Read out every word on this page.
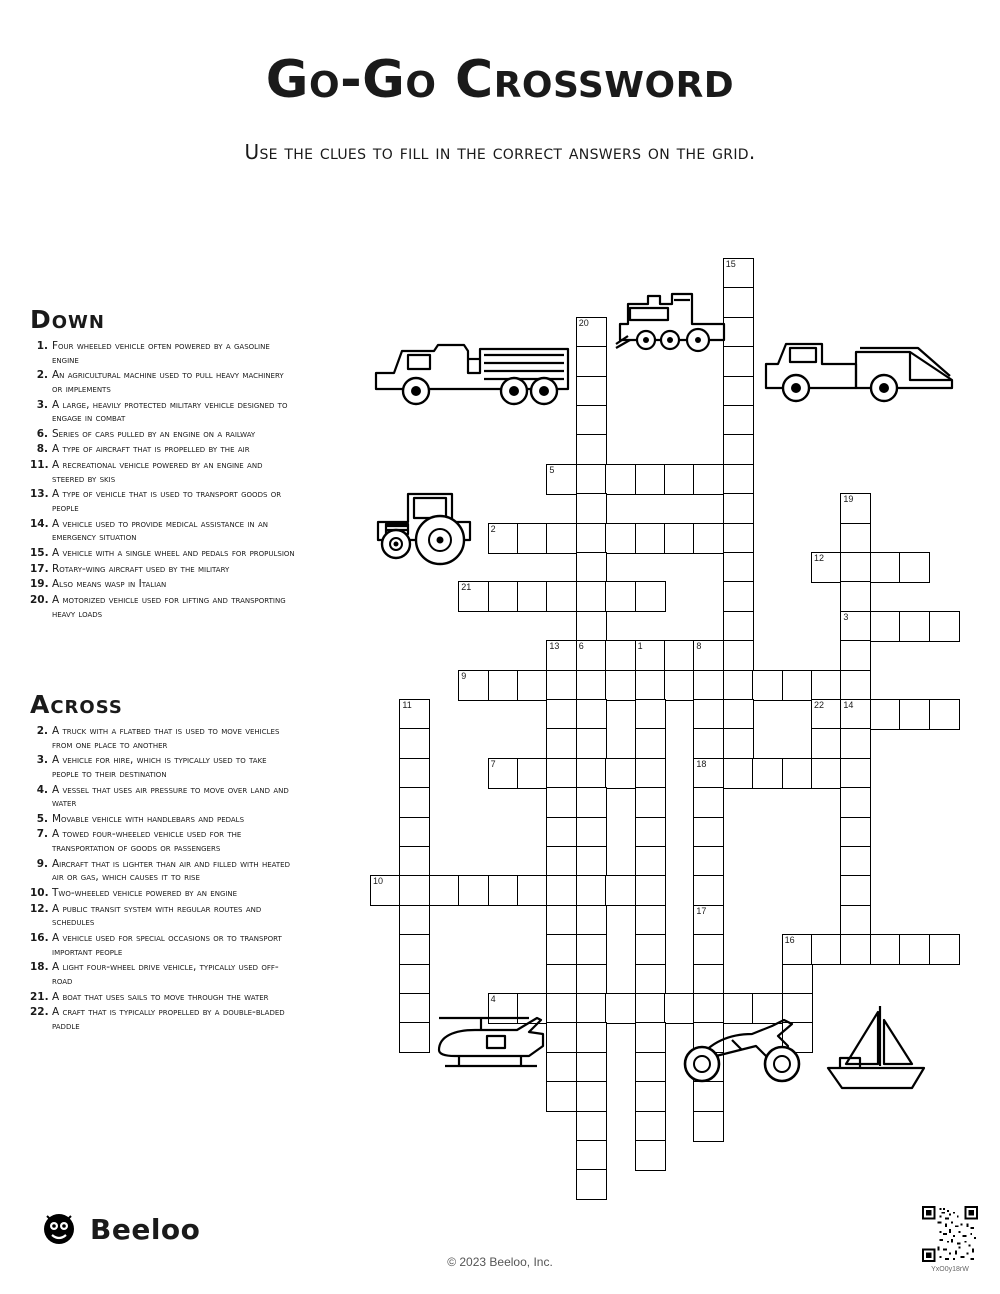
Go-Go Crossword
Use the clues to fill in the correct answers on the grid.
Down
1. Four wheeled vehicle often powered by a gasoline engine
2. An agricultural machine used to pull heavy machinery or implements
3. A large, heavily protected military vehicle designed to engage in combat
6. Series of cars pulled by an engine on a railway
8. A type of aircraft that is propelled by the air
11. A recreational vehicle powered by an engine and steered by skis
13. A type of vehicle that is used to transport goods or people
14. A vehicle used to provide medical assistance in an emergency situation
15. A vehicle with a single wheel and pedals for propulsion
17. Rotary-wing aircraft used by the military
19. Also means wasp in Italian
20. A motorized vehicle used for lifting and transporting heavy loads
Across
2. A truck with a flatbed that is used to move vehicles from one place to another
3. A vehicle for hire, which is typically used to take people to their destination
4. A vessel that uses air pressure to move over land and water
5. Movable vehicle with handlebars and pedals
7. A towed four-wheeled vehicle used for the transportation of goods or passengers
9. Aircraft that is lighter than air and filled with heated air or gas, which causes it to rise
10. Two-wheeled vehicle powered by an engine
12. A public transit system with regular routes and schedules
16. A vehicle used for special occasions or to transport important people
18. A light four-wheel drive vehicle, typically used off-road
21. A boat that uses sails to move through the water
22. A craft that is typically propelled by a double-bladed paddle
15
20
5
19
2
12
21
3
13 6	1	8
9
11	22 14
7	18
10
17
16
4
Beeloo
© 2023 Beeloo, Inc.
YxO0y18rW
